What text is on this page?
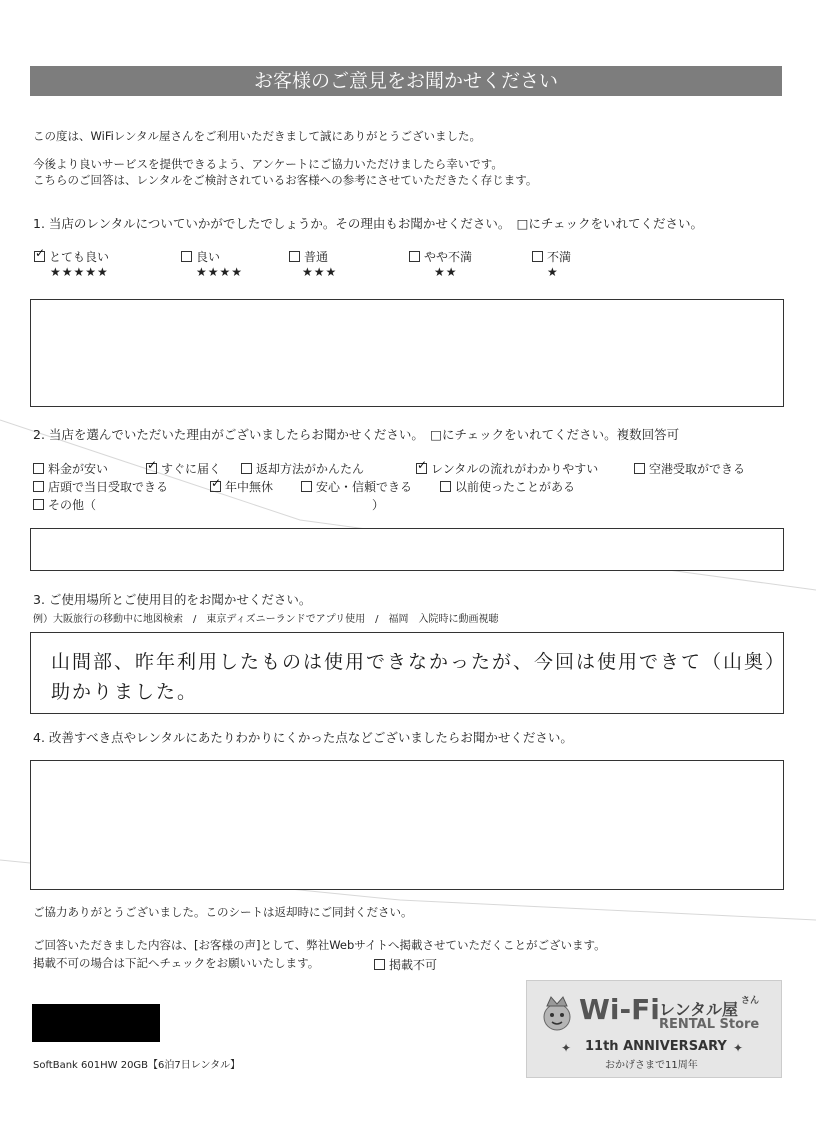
お客様のご意見をお聞かせください
この度は、WiFiレンタル屋さんをご利用いただきまして誠にありがとうございました。
今後より良いサービスを提供できるよう、アンケートにご協力いただけましたら幸いです。
こちらのご回答は、レンタルをご検討されているお客様への参考にさせていただきたく存じます。
1. 当店のレンタルについていかがでしたでしょうか。その理由もお聞かせください。　□にチェックをいれてください。
✓
とても良い
★★★★★
良い
★★★★
普通
★★★
やや不満
★★
不満
★
2. 当店を選んでいただいた理由がございましたらお聞かせください。　□にチェックをいれてください。複数回答可
料金が安い ✓	すぐに届く	返却方法がかんたん ✓	レンタルの流れがわかりやすい	空港受取ができる
店頭で当日受取できる ✓	年中無休	安心・信頼できる	以前使ったことがある
その他（　　　　　　　　　　　　　　　　　　　　　　　）
3. ご使用場所とご使用目的をお聞かせください。
例）大阪旅行の移動中に地図検索　/　東京ディズニーランドでアプリ使用　/　福岡　入院時に動画視聴
山間部、昨年利用したものは使用できなかったが、今回は使用できて（山奥）
助かりました。
4. 改善すべき点やレンタルにあたりわかりにくかった点などございましたらお聞かせください。
ご協力ありがとうございました。このシートは返却時にご同封ください。
ご回答いただきました内容は、[お客様の声]として、弊社Webサイトへ掲載させていただくことがございます。
掲載不可の場合は下記へチェックをお願いいたします。	掲載不可
SoftBank 601HW 20GB【6泊7日レンタル】
Wi-Fi レンタル屋 さん
RENTAL Store
11th ANNIVERSARY
おかげさまで11周年
✦	✦
